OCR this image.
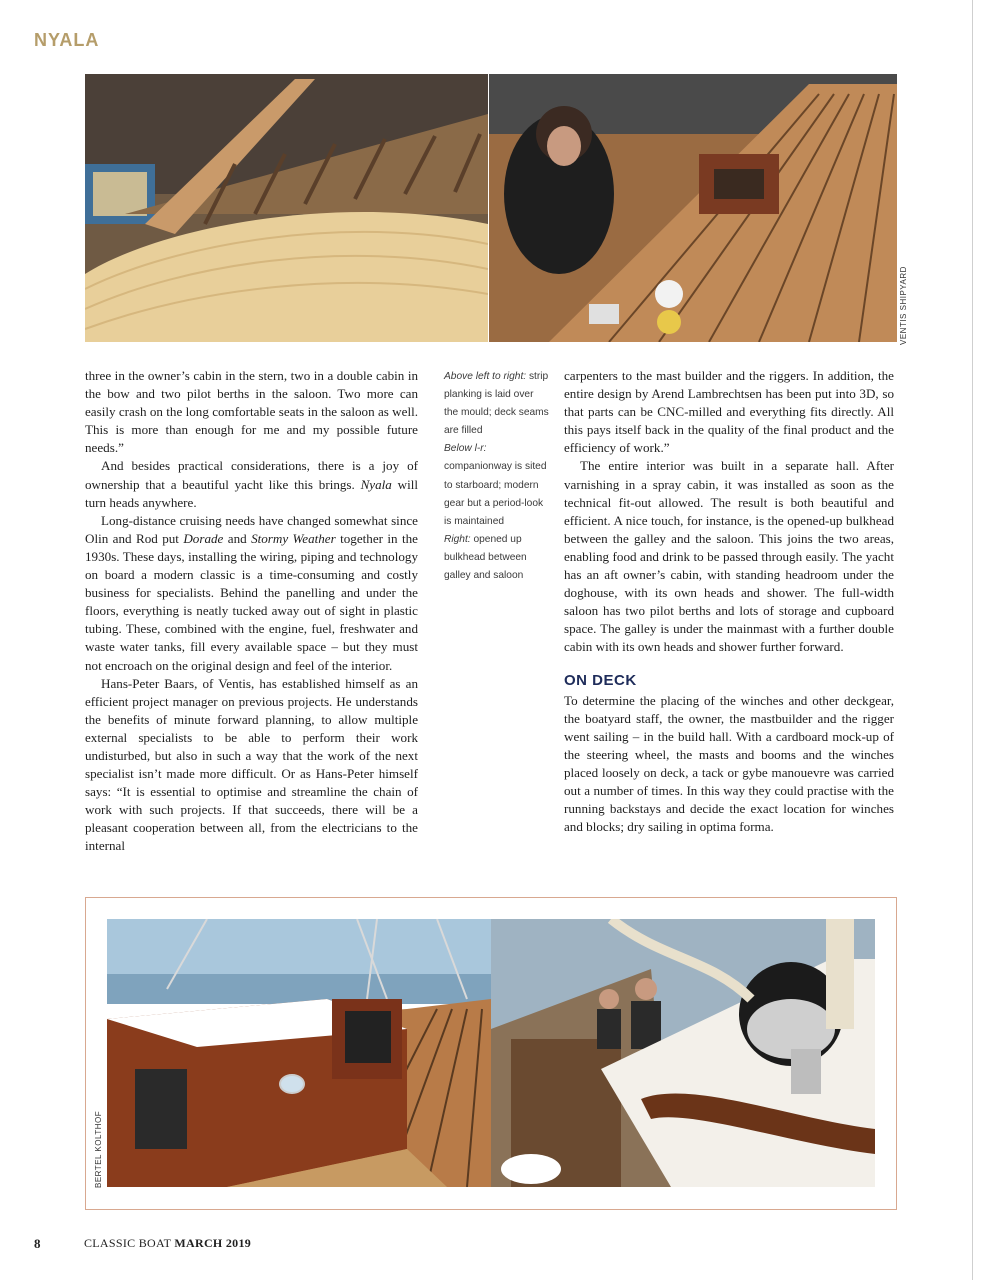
NYALA
VENTIS SHIPYARD

three in the owner’s cabin in the stern, two in a double cabin in the bow and two pilot berths in the saloon. Two more can easily crash on the long comfortable seats in the saloon as well. This is more than enough for me and my possible future needs.”

And besides practical considerations, there is a joy of ownership that a beautiful yacht like this brings. Nyala will turn heads anywhere.

Long-distance cruising needs have changed somewhat since Olin and Rod put Dorade and Stormy Weather together in the 1930s. These days, installing the wiring, piping and technology on board a modern classic is a time-consuming and costly business for specialists. Behind the panelling and under the floors, everything is neatly tucked away out of sight in plastic tubing. These, combined with the engine, fuel, freshwater and waste water tanks, fill every available space – but they must not encroach on the original design and feel of the interior.

Hans-Peter Baars, of Ventis, has established himself as an efficient project manager on previous projects. He understands the benefits of minute forward planning, to allow multiple external specialists to be able to perform their work undisturbed, but also in such a way that the work of the next specialist isn’t made more difficult. Or as Hans-Peter himself says: “It is essential to optimise and streamline the chain of work with such projects. If that succeeds, there will be a pleasant cooperation between all, from the electricians to the internal

Above left to right: strip planking is laid over the mould; deck seams are filled
Below l-r: companionway is sited to starboard; modern gear but a period-look is maintained
Right: opened up bulkhead between galley and saloon

carpenters to the mast builder and the riggers. In addition, the entire design by Arend Lambrechtsen has been put into 3D, so that parts can be CNC-milled and everything fits directly. All this pays itself back in the quality of the final product and the efficiency of work.”

The entire interior was built in a separate hall. After varnishing in a spray cabin, it was installed as soon as the technical fit-out allowed. The result is both beautiful and efficient. A nice touch, for instance, is the opened-up bulkhead between the galley and the saloon. This joins the two areas, enabling food and drink to be passed through easily. The yacht has an aft owner’s cabin, with standing headroom under the doghouse, with its own heads and shower. The full-width saloon has two pilot berths and lots of storage and cupboard space. The galley is under the mainmast with a further double cabin with its own heads and shower further forward.

ON DECK

To determine the placing of the winches and other deckgear, the boatyard staff, the owner, the mastbuilder and the rigger went sailing – in the build hall. With a cardboard mock-up of the steering wheel, the masts and booms and the winches placed loosely on deck, a tack or gybe manouevre was carried out a number of times. In this way they could practise with the running backstays and decide the exact location for winches and blocks; dry sailing in optima forma.

BERTEL KOLTHOF
8	CLASSIC BOAT MARCH 2019
